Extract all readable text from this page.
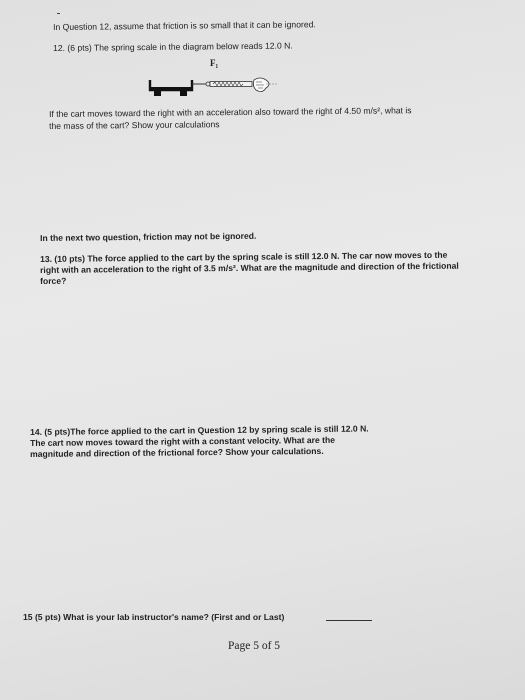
In Question 12, assume that friction is so small that it can be ignored.
12. (6 pts) The spring scale in the diagram below reads 12.0 N.
F₁
If the cart moves toward the right with an acceleration also toward the right of 4.50 m/s², what is
the mass of the cart? Show your calculations
In the next two question, friction may not be ignored.
13. (10 pts) The force applied to the cart by the spring scale is still 12.0 N. The car now moves to the
right with an acceleration to the right of 3.5 m/s². What are the magnitude and direction of the frictional
force?
14. (5 pts)The force applied to the cart in Question 12 by spring scale is still 12.0 N.
The cart now moves toward the right with a constant velocity. What are the
magnitude and direction of the frictional force? Show your calculations.
15 (5 pts) What is your lab instructor's name? (First and or Last)
Page 5 of 5
